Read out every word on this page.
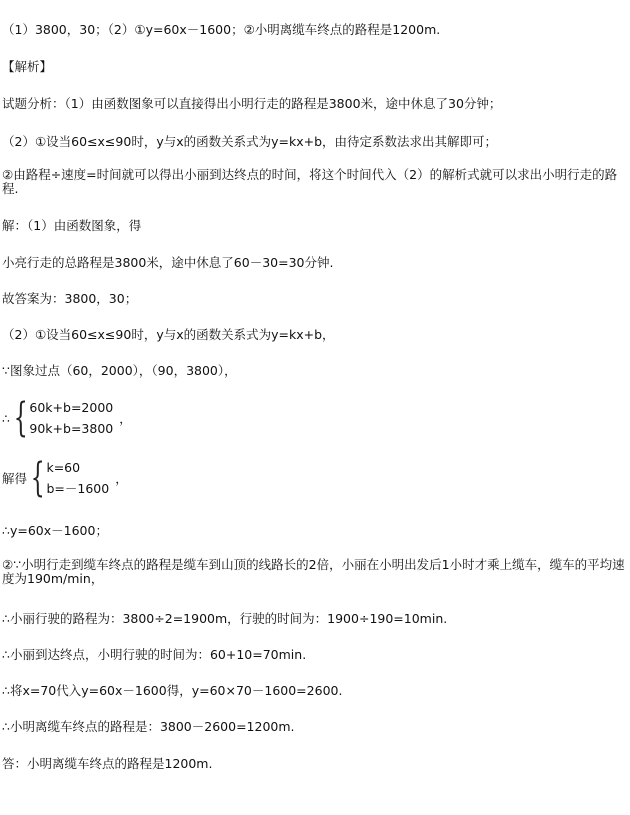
（1）3800，30；（2）①y=60x－1600；②小明离缆车终点的路程是1200m.
【解析】
试题分析：（1）由函数图象可以直接得出小明行走的路程是3800米，途中休息了30分钟；
（2）①设当60≤x≤90时，y与x的函数关系式为y=kx+b，由待定系数法求出其解即可；
②由路程÷速度=时间就可以得出小丽到达终点的时间，将这个时间代入（2）的解析式就可以求出小明行走的路程.
解：（1）由函数图象，得
小亮行走的总路程是3800米，途中休息了60－30=30分钟.
故答案为：3800，30；
（2）①设当60≤x≤90时，y与x的函数关系式为y=kx+b，
∵图象过点（60，2000），（90，3800），
∴ { 60k+b=2000
90k+b=3800
，
解得 { k=60
b=－1600
，
∴y=60x－1600；
②∵小明行走到缆车终点的路程是缆车到山顶的线路长的2倍，小丽在小明出发后1小时才乘上缆车，缆车的平均速度为190m/min，
∴小丽行驶的路程为：3800÷2=1900m，行驶的时间为：1900÷190=10min.
∴小丽到达终点，小明行驶的时间为：60+10=70min.
∴将x=70代入y=60x－1600得，y=60×70－1600=2600.
∴小明离缆车终点的路程是：3800－2600=1200m.
答：小明离缆车终点的路程是1200m.
